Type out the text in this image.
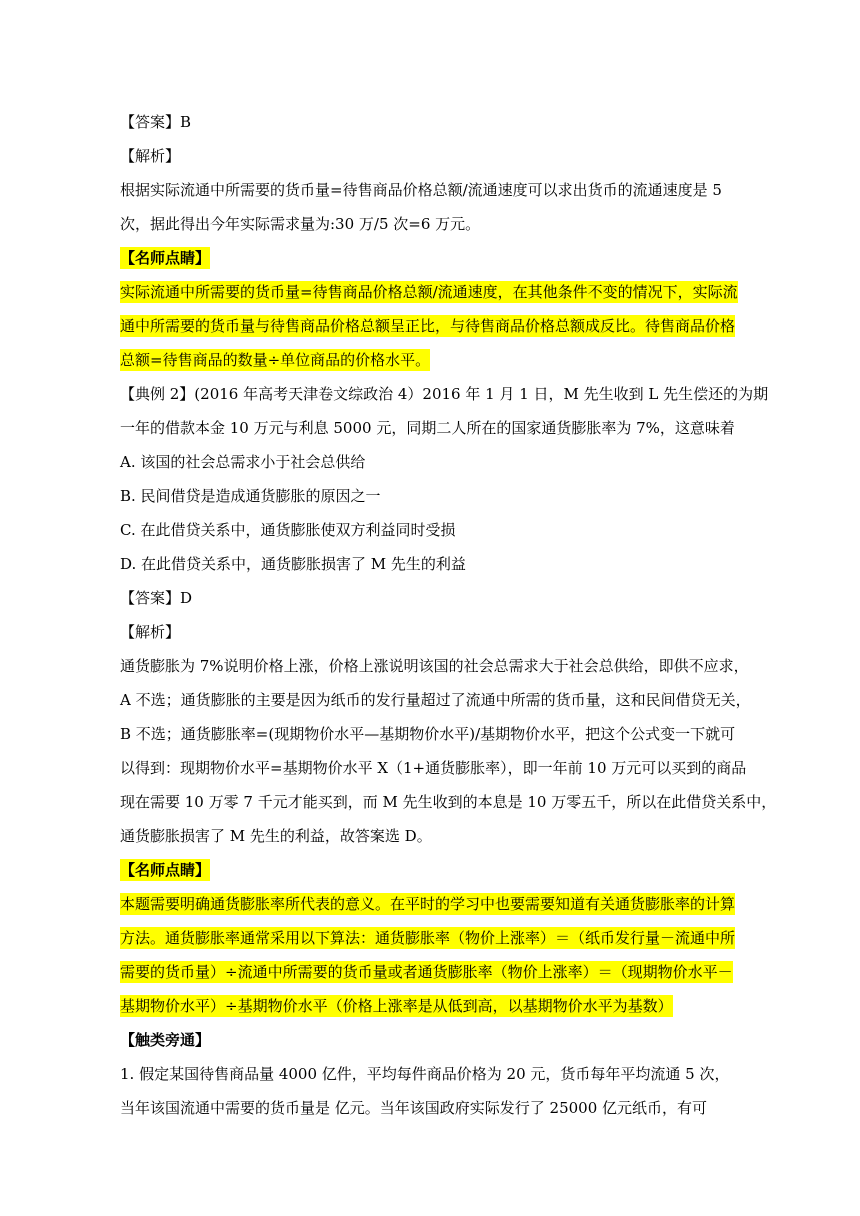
【答案】B
【解析】
根据实际流通中所需要的货币量=待售商品价格总额/流通速度可以求出货币的流通速度是 5
次，据此得出今年实际需求量为:30 万/5 次=6 万元。
【名师点睛】
实际流通中所需要的货币量=待售商品价格总额/流通速度，在其他条件不变的情况下，实际流
通中所需要的货币量与待售商品价格总额呈正比，与待售商品价格总额成反比。待售商品价格
总额=待售商品的数量÷单位商品的价格水平。
【典例 2】(2016 年高考天津卷文综政治 4）2016 年 1 月 1 日，M 先生收到 L 先生偿还的为期
一年的借款本金 10 万元与利息 5000 元，同期二人所在的国家通货膨胀率为 7%，这意味着
A. 该国的社会总需求小于社会总供给
B. 民间借贷是造成通货膨胀的原因之一
C. 在此借贷关系中，通货膨胀使双方利益同时受损
D. 在此借贷关系中，通货膨胀损害了 M 先生的利益
【答案】D
【解析】
通货膨胀为 7%说明价格上涨，价格上涨说明该国的社会总需求大于社会总供给，即供不应求，
A 不选；通货膨胀的主要是因为纸币的发行量超过了流通中所需的货币量，这和民间借贷无关，
B 不选；通货膨胀率=(现期物价水平—基期物价水平)/基期物价水平，把这个公式变一下就可
以得到：现期物价水平=基期物价水平 X（1+通货膨胀率），即一年前 10 万元可以买到的商品
现在需要 10 万零 7 千元才能买到，而 M 先生收到的本息是 10 万零五千，所以在此借贷关系中，
通货膨胀损害了 M 先生的利益，故答案选 D。
【名师点睛】
本题需要明确通货膨胀率所代表的意义。在平时的学习中也要需要知道有关通货膨胀率的计算
方法。通货膨胀率通常采用以下算法：通货膨胀率（物价上涨率）＝（纸币发行量－流通中所
需要的货币量）÷流通中所需要的货币量或者通货膨胀率（物价上涨率）＝（现期物价水平－
基期物价水平）÷基期物价水平（价格上涨率是从低到高，以基期物价水平为基数）
【触类旁通】
1. 假定某国待售商品量 4000 亿件，平均每件商品价格为 20 元，货币每年平均流通 5 次，
当年该国流通中需要的货币量是 亿元。当年该国政府实际发行了 25000 亿元纸币，有可
